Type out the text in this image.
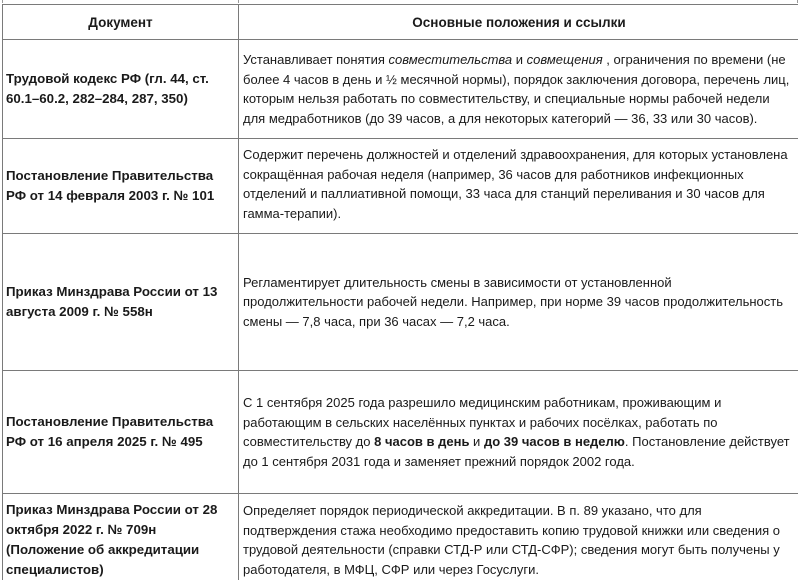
Документ	Основные положения и ссылки
Трудовой кодекс РФ (гл. 44, ст. 60.1–60.2, 282–284, 287, 350)	Устанавливает понятия совместительства и совмещения , ограничения по времени (не более 4 часов в день и ½ месячной нормы), порядок заключения договора, перечень лиц, которым нельзя работать по совместительству, и специальные нормы рабочей недели для медработников (до 39 часов, а для некоторых категорий — 36, 33 или 30 часов).
Постановление Правительства РФ от 14 февраля 2003 г. № 101	Содержит перечень должностей и отделений здравоохранения, для которых установлена сокращённая рабочая неделя (например, 36 часов для работников инфекционных отделений и паллиативной помощи, 33 часа для станций переливания и 30 часов для гамма-терапии).
Приказ Минздрава России от 13 августа 2009 г. № 558н	Регламентирует длительность смены в зависимости от установленной продолжительности рабочей недели. Например, при норме 39 часов продолжительность смены — 7,8 часа, при 36 часах — 7,2 часа.
Постановление Правительства РФ от 16 апреля 2025 г. № 495	С 1 сентября 2025 года разрешило медицинским работникам, проживающим и работающим в сельских населённых пунктах и рабочих посёлках, работать по совместительству до 8 часов в день и до 39 часов в неделю. Постановление действует до 1 сентября 2031 года и заменяет прежний порядок 2002 года.
Приказ Минздрава России от 28 октября 2022 г. № 709н (Положение об аккредитации специалистов)	Определяет порядок периодической аккредитации. В п. 89 указано, что для подтверждения стажа необходимо предоставить копию трудовой книжки или сведения о трудовой деятельности (справки СТД-Р или СТД-СФР); сведения могут быть получены у работодателя, в МФЦ, СФР или через Госуслуги.
